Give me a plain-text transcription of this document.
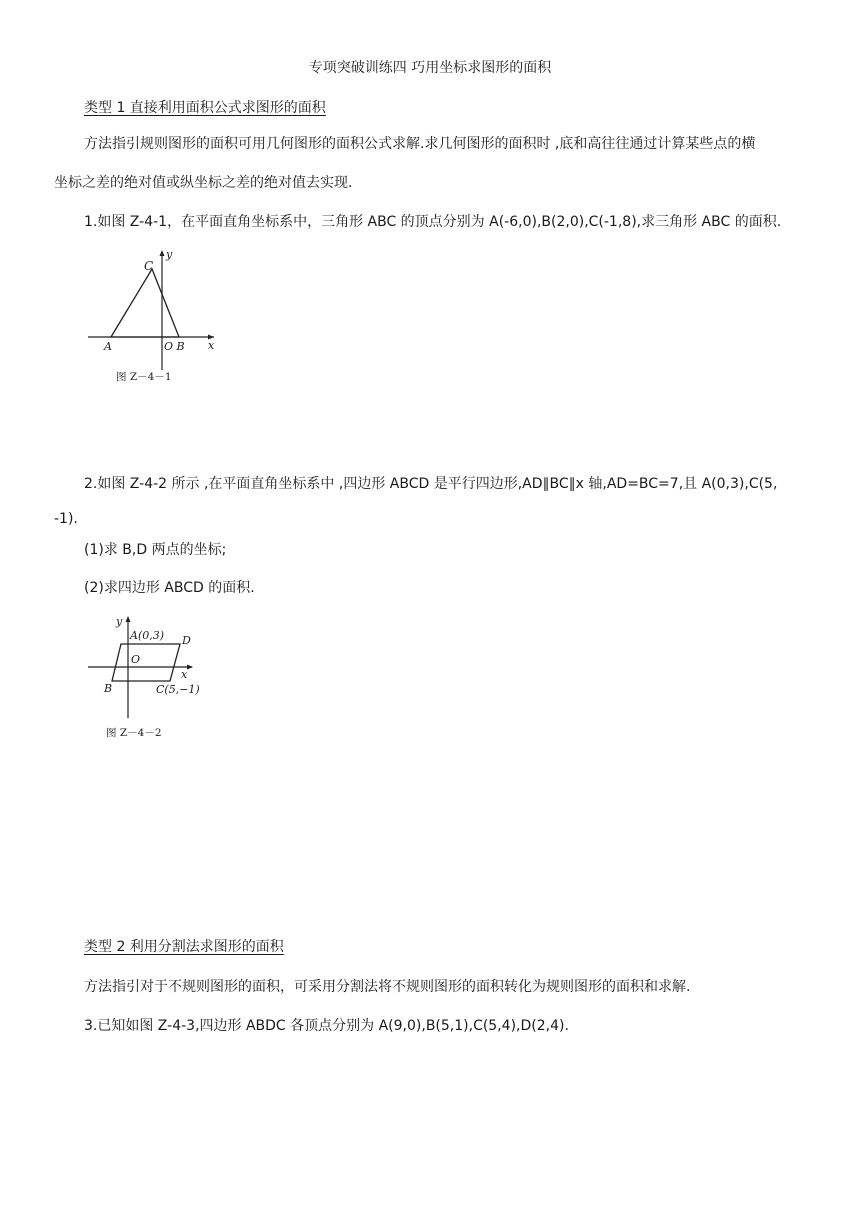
专项突破训练四 巧用坐标求图形的面积
类型 1 直接利用面积公式求图形的面积
方法指引规则图形的面积可用几何图形的面积公式求解.求几何图形的面积时 ,底和高往往通过计算某些点的横
坐标之差的绝对值或纵坐标之差的绝对值去实现.
1.如图 Z-4-1，在平面直角坐标系中，三角形 ABC 的顶点分别为 A(-6,0),B(2,0),C(-1,8),求三角形 ABC 的面积.
C
y
A	O B x
图 Z－4－1
2.如图 Z-4-2 所示 ,在平面直角坐标系中 ,四边形 ABCD 是平行四边形,AD∥BC∥x 轴,AD=BC=7,且 A(0,3),C(5,
-1).
(1)求 B,D 两点的坐标;
(2)求四边形 ABCD 的面积.
y
A(0,3) D
O
x
B	C(5,−1)
图 Z－4－2
类型 2 利用分割法求图形的面积
方法指引对于不规则图形的面积，可采用分割法将不规则图形的面积转化为规则图形的面积和求解.
3.已知如图 Z-4-3,四边形 ABDC 各顶点分别为 A(9,0),B(5,1),C(5,4),D(2,4).
